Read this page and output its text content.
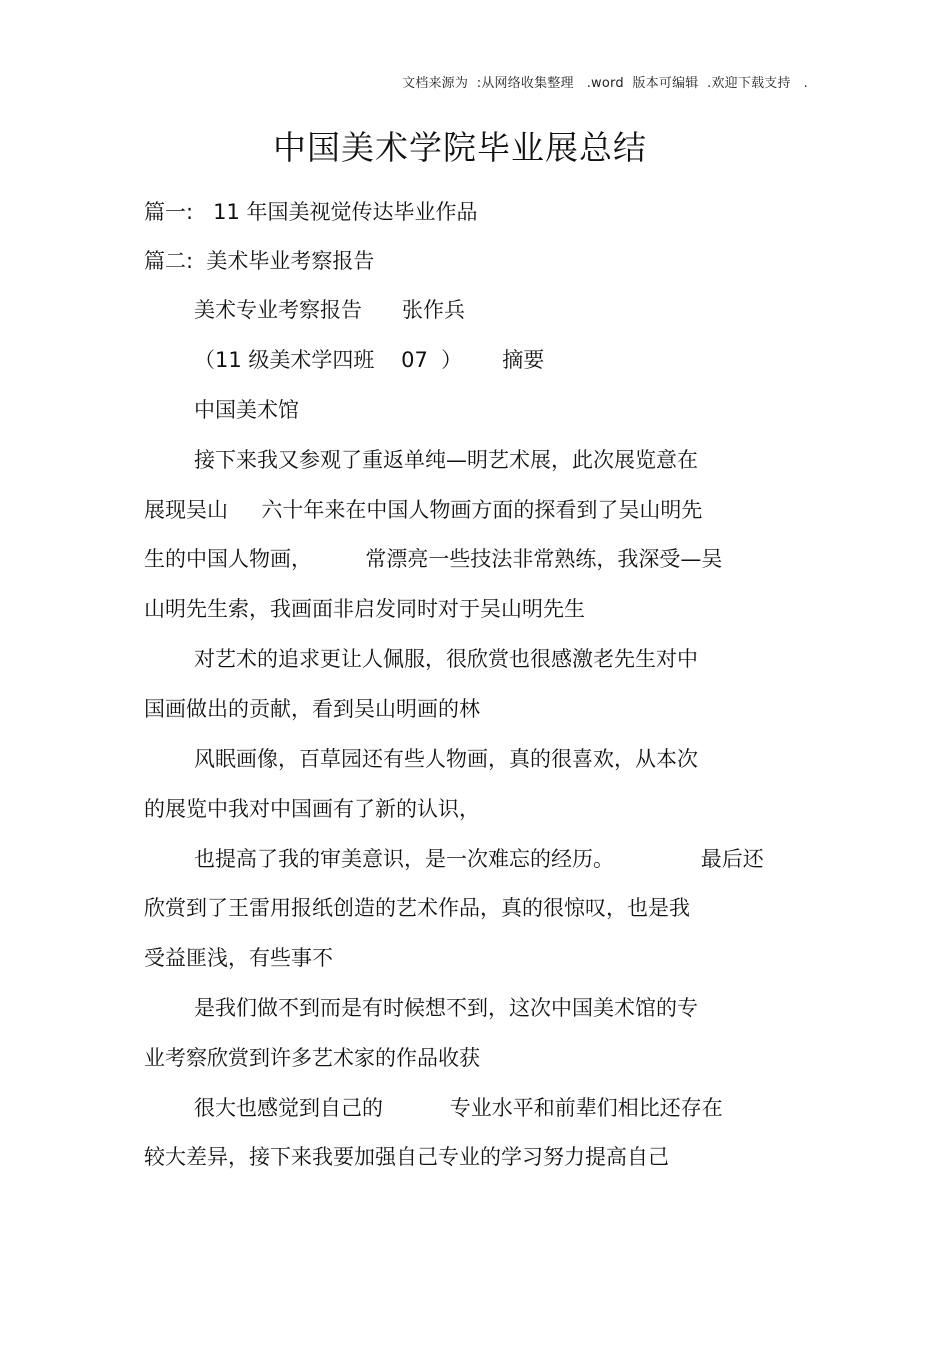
文档来源为  :从网络收集整理   .word  版本可编辑  .欢迎下载支持   .
中国美术学院毕业展总结
篇一:   11 年国美视觉传达毕业作品
篇二:  美术毕业考察报告
美术专业考察报告      张作兵
（11 级美术学四班    07  ）      摘要
中国美术馆
接下来我又参观了重返单纯—明艺术展，此次展览意在
展现吴山     六十年来在中国人物画方面的探看到了吴山明先
生的中国人物画，        常漂亮一些技法非常熟练，我深受—吴
山明先生索，我画面非启发同时对于吴山明先生
对艺术的追求更让人佩服，很欣赏也很感激老先生对中
国画做出的贡献，看到吴山明画的林
风眠画像，百草园还有些人物画，真的很喜欢，从本次
的展览中我对中国画有了新的认识，
也提高了我的审美意识，是一次难忘的经历。             最后还
欣赏到了王雷用报纸创造的艺术作品，真的很惊叹，也是我
受益匪浅，有些事不
是我们做不到而是有时候想不到，这次中国美术馆的专
业考察欣赏到许多艺术家的作品收获
很大也感觉到自己的          专业水平和前辈们相比还存在
较大差异，接下来我要加强自己专业的学习努力提高自己
